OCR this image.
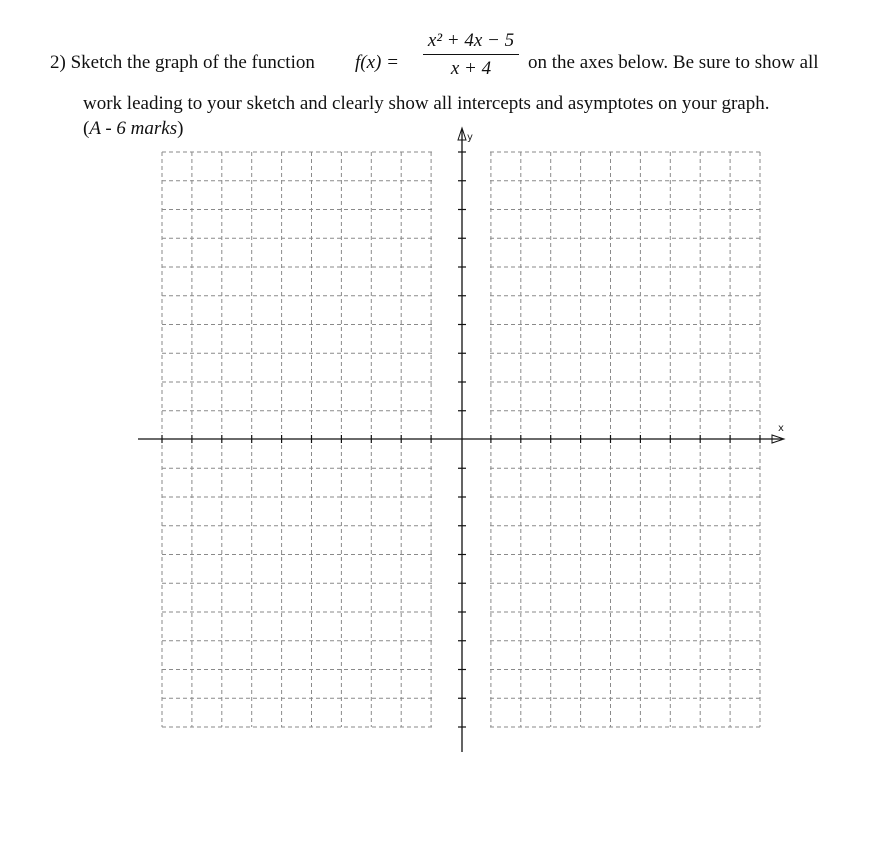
2) Sketch the graph of the function f(x) =
x² + 4x − 5
x + 4	on the axes below. Be sure to show all
work leading to your sketch and clearly show all intercepts and asymptotes on your graph.
(A - 6 marks)
x
y
